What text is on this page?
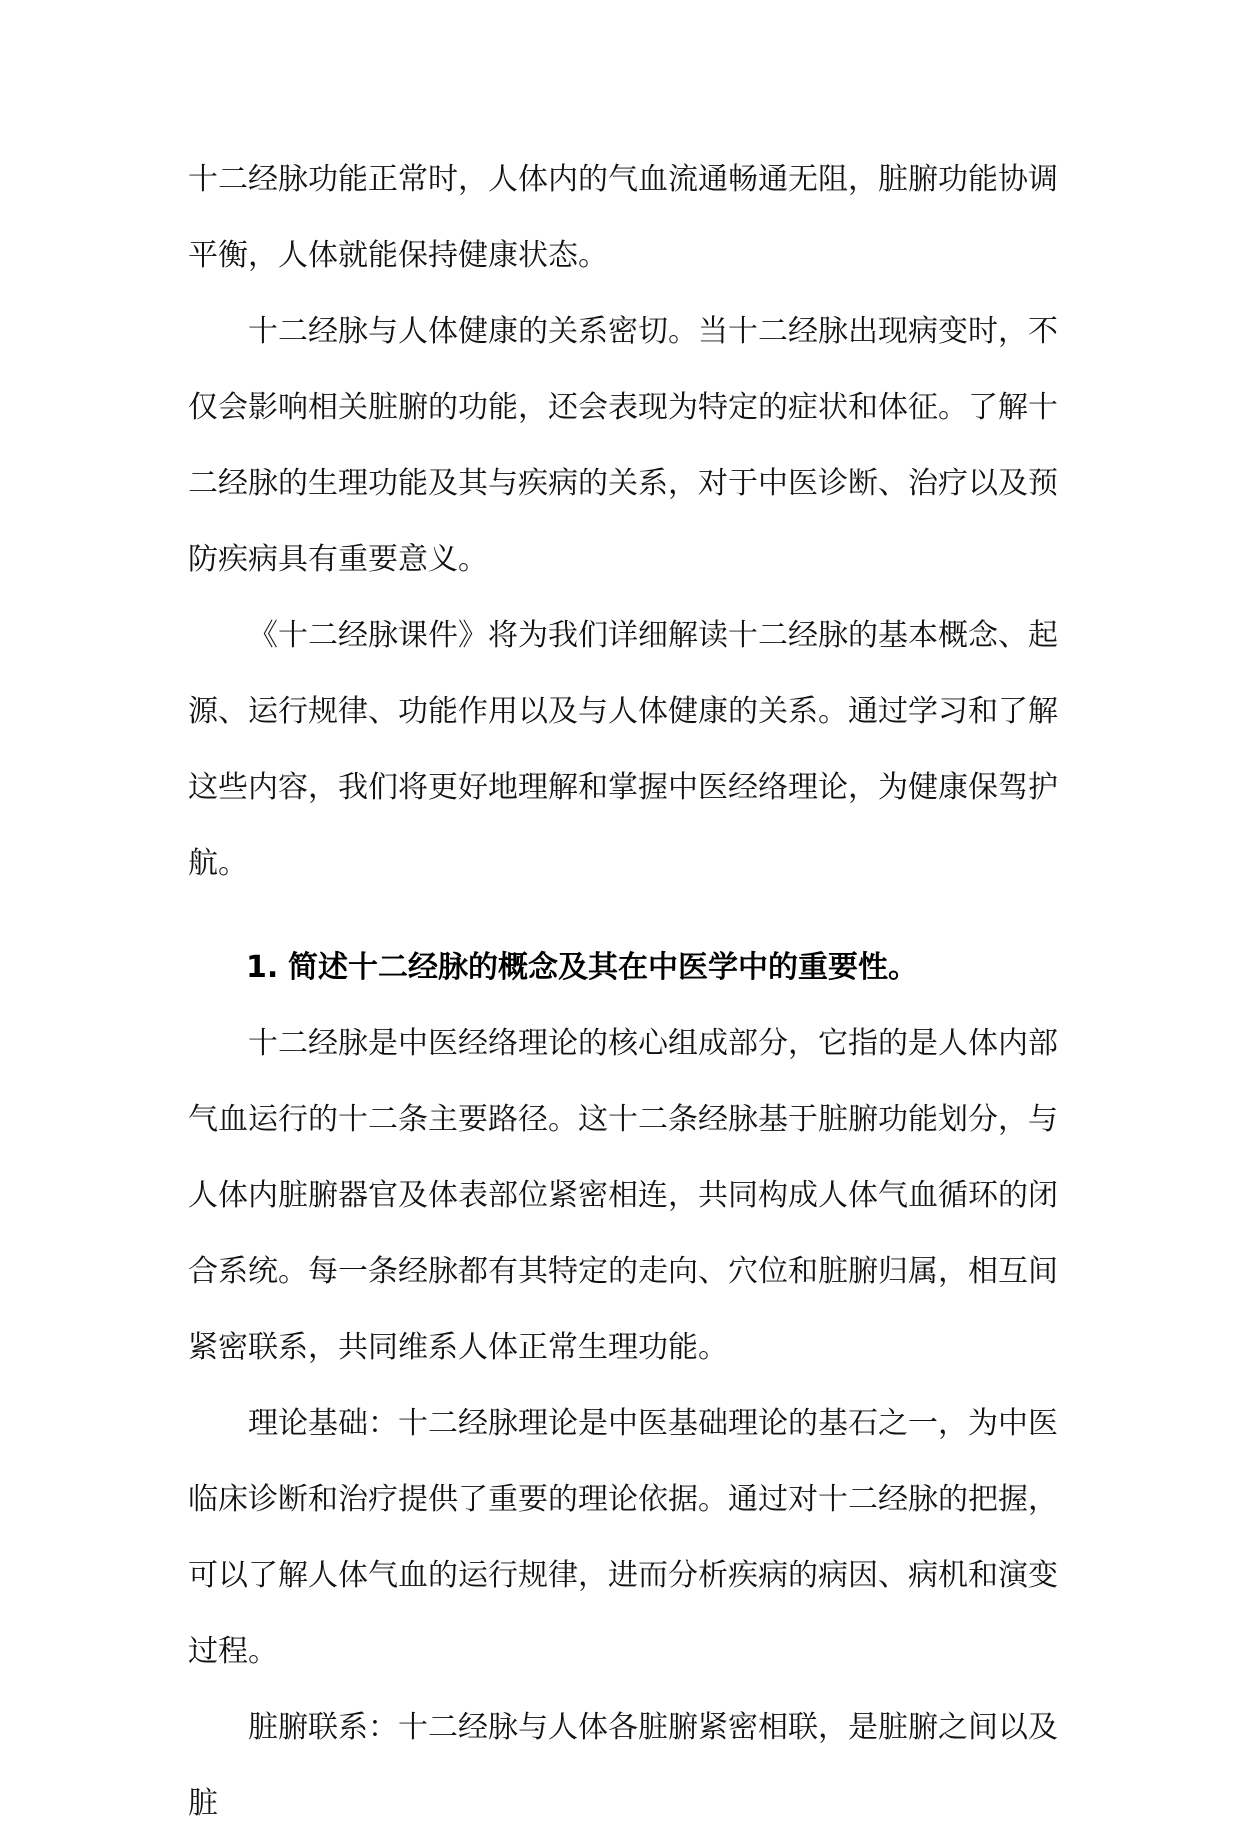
十二经脉功能正常时，人体内的气血流通畅通无阻，脏腑功能协调平衡，人体就能保持健康状态。

十二经脉与人体健康的关系密切。当十二经脉出现病变时，不仅会影响相关脏腑的功能，还会表现为特定的症状和体征。了解十二经脉的生理功能及其与疾病的关系，对于中医诊断、治疗以及预防疾病具有重要意义。

《十二经脉课件》将为我们详细解读十二经脉的基本概念、起源、运行规律、功能作用以及与人体健康的关系。通过学习和了解这些内容，我们将更好地理解和掌握中医经络理论，为健康保驾护航。

1. 简述十二经脉的概念及其在中医学中的重要性。

十二经脉是中医经络理论的核心组成部分，它指的是人体内部气血运行的十二条主要路径。这十二条经脉基于脏腑功能划分，与人体内脏腑器官及体表部位紧密相连，共同构成人体气血循环的闭合系统。每一条经脉都有其特定的走向、穴位和脏腑归属，相互间紧密联系，共同维系人体正常生理功能。

理论基础：十二经脉理论是中医基础理论的基石之一，为中医临床诊断和治疗提供了重要的理论依据。通过对十二经脉的把握，可以了解人体气血的运行规律，进而分析疾病的病因、病机和演变过程。

脏腑联系：十二经脉与人体各脏腑紧密相联，是脏腑之间以及脏
